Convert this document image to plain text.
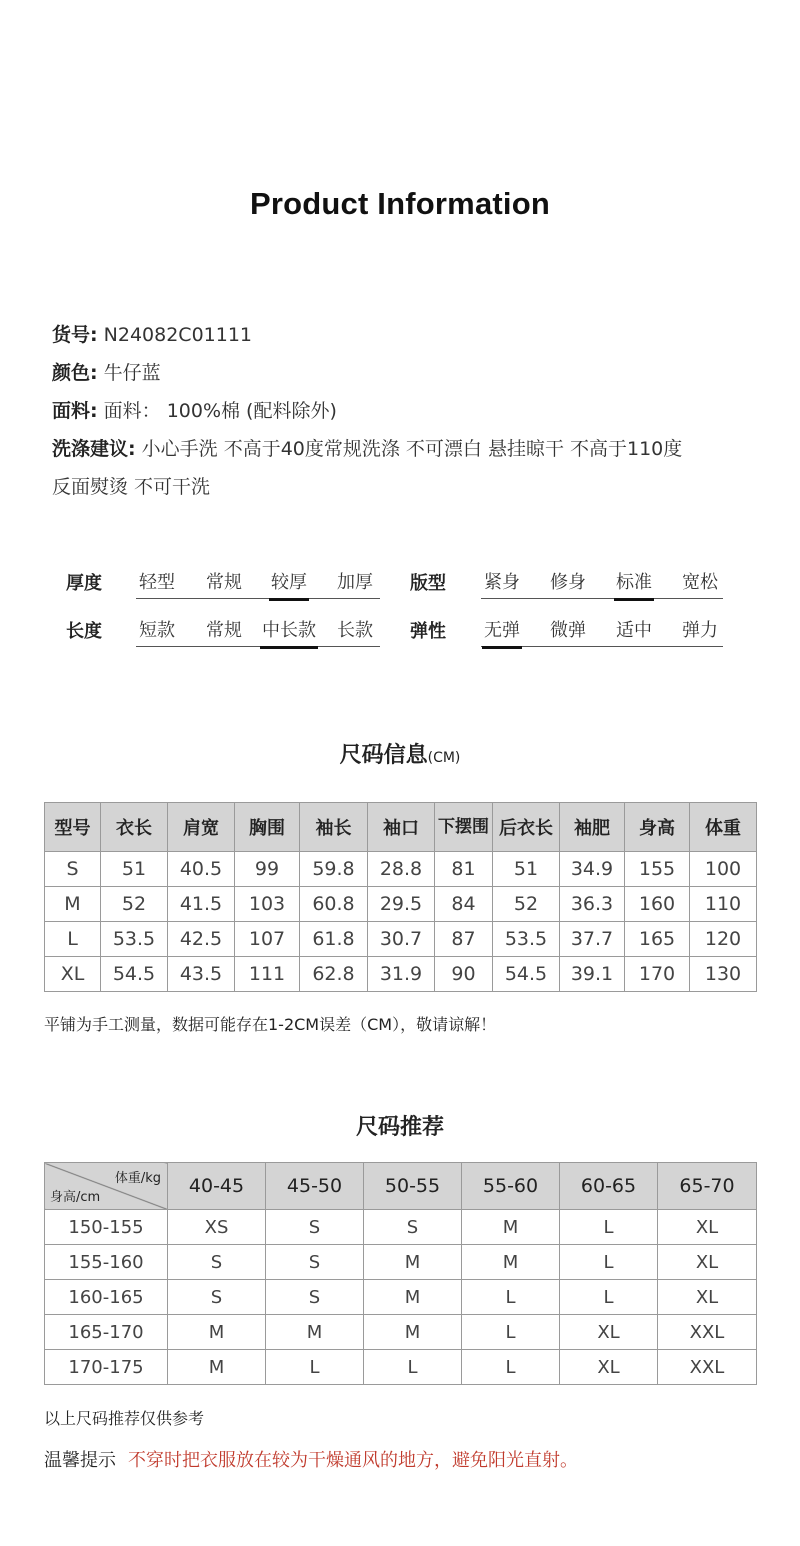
Product Information
货号: N24082C01111
颜色: 牛仔蓝
面料: 面料： 100%棉 (配料除外)
洗涤建议: 小心手洗 不高于40度常规洗涤 不可漂白 悬挂晾干 不高于110度
反面熨烫 不可干洗
厚度 轻型 常规 较厚 加厚 版型 紧身 修身 标准 宽松
长度 短款 常规 中长款 长款 弹性 无弹 微弹 适中 弹力
尺码信息(CM)
型号	衣长	肩宽	胸围	袖长	袖口	下摆围	后衣长	袖肥	身高	体重
S	51	40.5	99	59.8	28.8	81	51	34.9	155	100
M	52	41.5	103	60.8	29.5	84	52	36.3	160	110
L	53.5	42.5	107	61.8	30.7	87	53.5	37.7	165	120
XL	54.5	43.5	111	62.8	31.9	90	54.5	39.1	170	130
平铺为手工测量，数据可能存在1-2CM误差（CM），敬请谅解！
尺码推荐
体重/kg
身高/cm	40-45	45-50	50-55	55-60	60-65	65-70
150-155	XS	S	S	M	L	XL
155-160	S	S	M	M	L	XL
160-165	S	S	M	L	L	XL
165-170	M	M	M	L	XL	XXL
170-175	M	L	L	L	XL	XXL
以上尺码推荐仅供参考
温馨提示 不穿时把衣服放在较为干燥通风的地方，避免阳光直射。
